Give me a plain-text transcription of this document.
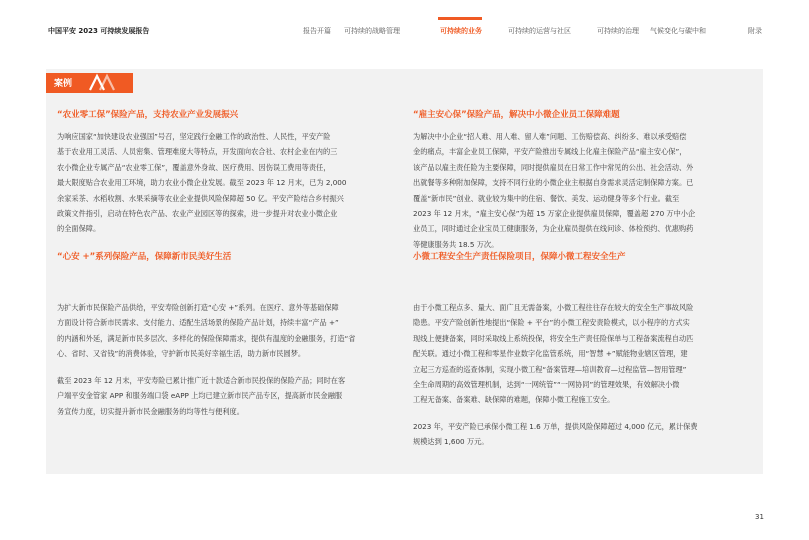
中国平安 2023 可持续发展报告	报告开篇 可持续的战略管理	可持续的业务	可持续的运营与社区	可持续的治理 气候变化与碳中和	附录
案例
“农业零工保”保险产品，支持农业产业发展振兴
为响应国家“加快建设农业强国”号召，坚定践行金融工作的政治性、人民性，平安产险
基于农业用工灵活、人员密集、管理难度大等特点，开发面向农合社、农村企业在内的三
农小微企业专属产品“农业零工保”，覆盖意外身故、医疗费用、因伤误工费用等责任，
最大限度贴合农业用工环境，助力农业小微企业发展。截至 2023 年 12 月末，已为 2,000
余家采茶、水稻收割、水果采摘等农业企业提供风险保障超 50 亿。平安产险结合乡村振兴
政策文件指引，启动在特色农产品、农业产业园区等的探索，进一步提升对农业小微企业
的全面保障。
“心安 +”系列保险产品，保障新市民美好生活
为扩大新市民保险产品供给，平安寿险创新打造“心安 +”系列。在医疗、意外等基础保障
方面设计符合新市民需求、支付能力、适配生活场景的保险产品计划，持续丰富“产品 +”
的内涵和外延，满足新市民多层次、多样化的保险保障需求，提供有温度的金融服务，打造“省
心、省时、又省钱”的消费体验，守护新市民美好幸福生活，助力新市民圆梦。
截至 2023 年 12 月末，平安寿险已累计推广近十款适合新市民投保的保险产品；同时在客
户端平安金管家 APP 和服务端口袋 eAPP 上均已建立新市民产品专区，提高新市民金融服
务宣传力度，切实提升新市民金融服务的均等性与便利度。
“雇主安心保”保险产品，解决中小微企业员工保障难题
为解决中小企业“招人难、用人难、留人难”问题、工伤赔偿高、纠纷多、难以承受赔偿
金的痛点，丰富企业员工保障，平安产险推出专属线上化雇主保险产品“雇主安心保”，
该产品以雇主责任险为主要保障，同时提供雇员在日常工作中常见的公出、社会活动、外
出就餐等多种附加保障，支持不同行业的小微企业主根据自身需求灵活定制保障方案。已
覆盖“新市民”创业、就业较为集中的住宿、餐饮、美发、运动健身等多个行业。截至
2023 年 12 月末，“雇主安心保”为超 15 万家企业提供雇员保障，覆盖超 270 万中小企
业员工，同时通过企业宝员工健康服务，为企业雇员提供在线问诊、体检预约、优惠购药
等健康服务共 18.5 万次。
小微工程安全生产责任保险项目，保障小微工程安全生产
由于小微工程点多、量大、面广且无需备案，小微工程往往存在较大的安全生产事故风险
隐患。平安产险创新性地提出“保险 + 平台”的小微工程安责险模式，以小程序的方式实
现线上便捷备案，同时采取线上系统投保，将安全生产责任险保单与工程备案流程自动匹
配关联。通过小微工程和零星作业数字化监管系统，用“智慧 +”赋能物业辖区管理，建
立起三方巡查的巡查体制，实现小微工程“备案管理—培训教育—过程监管—智用管理”
全生命周期的高效管理机制，达到“一网统管”“一网协同”的管理效果，有效解决小微
工程无备案、备案难、缺保障的难题，保障小微工程施工安全。
2023 年，平安产险已承保小微工程 1.6 万单，提供风险保障超过 4,000 亿元，累计保费
规模达到 1,600 万元。
31
